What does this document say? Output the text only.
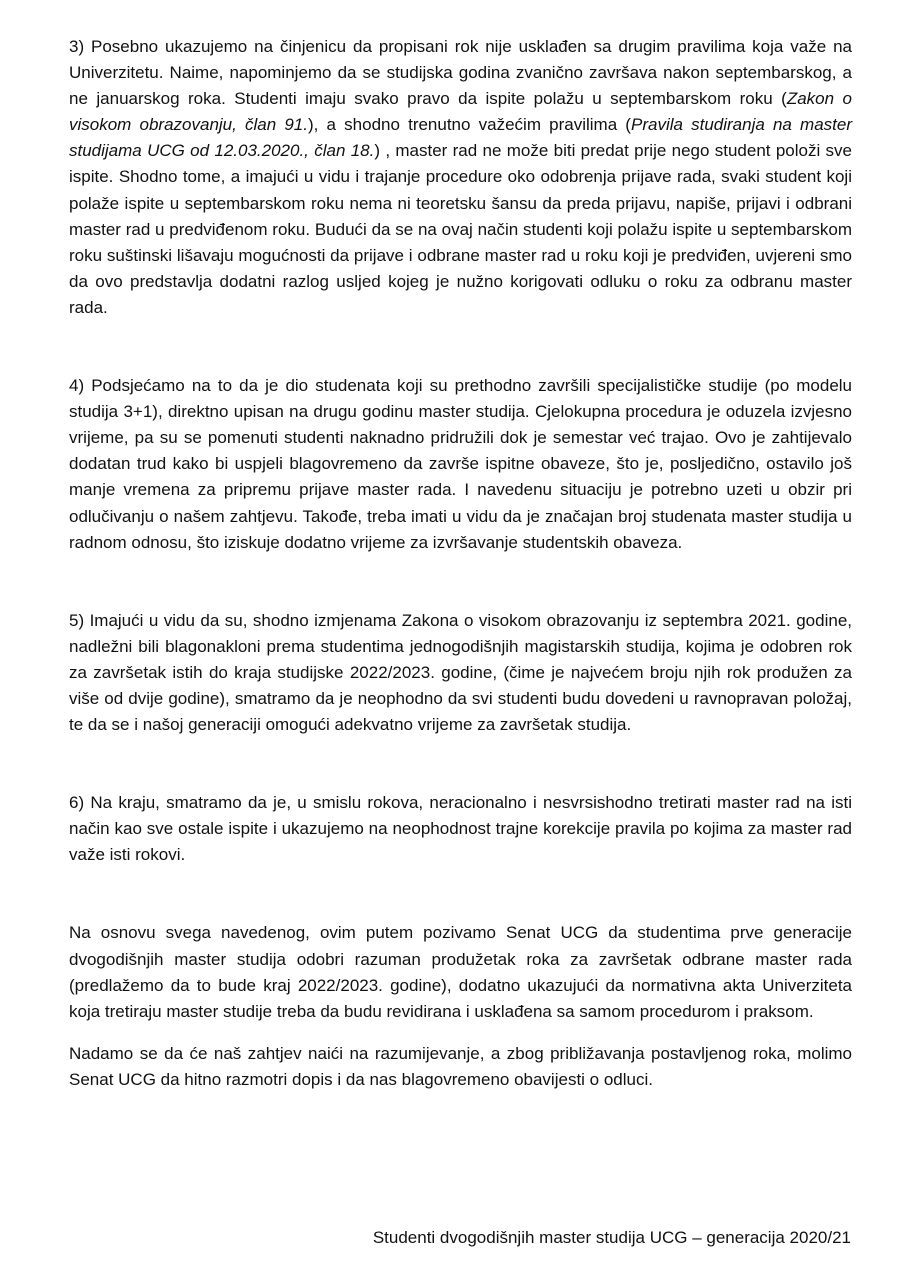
3) Posebno ukazujemo na činjenicu da propisani rok nije usklađen sa drugim pravilima koja važe na Univerzitetu. Naime, napominjemo da se studijska godina zvanično završava nakon septembarskog, a ne januarskog roka. Studenti imaju svako pravo da ispite polažu u septembarskom roku (Zakon o visokom obrazovanju, član 91.), a shodno trenutno važećim pravilima (Pravila studiranja na master studijama UCG od 12.03.2020., član 18.) , master rad ne može biti predat prije nego student položi sve ispite. Shodno tome, a imajući u vidu i trajanje procedure oko odobrenja prijave rada, svaki student koji polaže ispite u septembarskom roku nema ni teoretsku šansu da preda prijavu, napiše, prijavi i odbrani master rad u predviđenom roku. Budući da se na ovaj način studenti koji polažu ispite u septembarskom roku suštinski lišavaju mogućnosti da prijave i odbrane master rad u roku koji je predviđen, uvjereni smo da ovo predstavlja dodatni razlog usljed kojeg je nužno korigovati odluku o roku za odbranu master rada.

4) Podsjećamo na to da je dio studenata koji su prethodno završili specijalističke studije (po modelu studija 3+1), direktno upisan na drugu godinu master studija. Cjelokupna procedura je oduzela izvjesno vrijeme, pa su se pomenuti studenti naknadno pridružili dok je semestar već trajao. Ovo je zahtijevalo dodatan trud kako bi uspjeli blagovremeno da završe ispitne obaveze, što je, posljedično, ostavilo još manje vremena za pripremu prijave master rada. I navedenu situaciju je potrebno uzeti u obzir pri odlučivanju o našem zahtjevu. Takođe, treba imati u vidu da je značajan broj studenata master studija u radnom odnosu, što iziskuje dodatno vrijeme za izvršavanje studentskih obaveza.

5) Imajući u vidu da su, shodno izmjenama Zakona o visokom obrazovanju iz septembra 2021. godine, nadležni bili blagonakloni prema studentima jednogodišnjih magistarskih studija, kojima je odobren rok za završetak istih do kraja studijske 2022/2023. godine, (čime je najvećem broju njih rok produžen za više od dvije godine), smatramo da je neophodno da svi studenti budu dovedeni u ravnopravan položaj, te da se i našoj generaciji omogući adekvatno vrijeme za završetak studija.

6) Na kraju, smatramo da je, u smislu rokova, neracionalno i nesvrsishodno tretirati master rad na isti način kao sve ostale ispite i ukazujemo na neophodnost trajne korekcije pravila po kojima za master rad važe isti rokovi.

Na osnovu svega navedenog, ovim putem pozivamo Senat UCG da studentima prve generacije dvogodišnjih master studija odobri razuman produžetak roka za završetak odbrane master rada (predlažemo da to bude kraj 2022/2023. godine), dodatno ukazujući da normativna akta Univerziteta koja tretiraju master studije treba da budu revidirana i usklađena sa samom procedurom i praksom.

Nadamo se da će naš zahtjev naići na razumijevanje, a zbog približavanja postavljenog roka, molimo Senat UCG da hitno razmotri dopis i da nas blagovremeno obavijesti o odluci.

Studenti dvogodišnjih master studija UCG – generacija 2020/21
